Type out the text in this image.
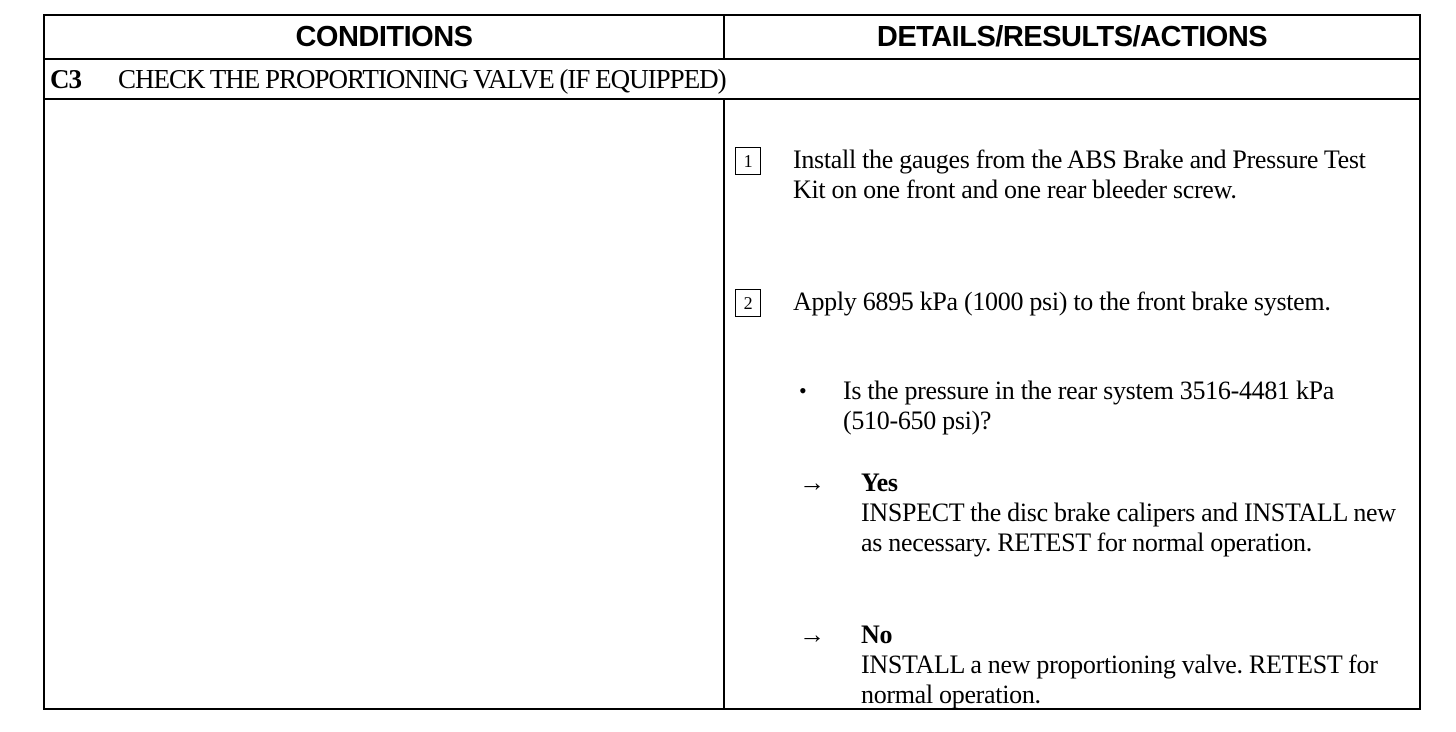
CONDITIONS	DETAILS/RESULTS/ACTIONS
C3	CHECK THE PROPORTIONING VALVE (IF EQUIPPED)
1	Install the gauges from the ABS Brake and Pressure Test Kit on one front and one rear bleeder screw.
2	Apply 6895 kPa (1000 psi) to the front brake system.
• Is the pressure in the rear system 3516-4481 kPa (510-650 psi)?
→ Yes
INSPECT the disc brake calipers and INSTALL new as necessary. RETEST for normal operation.
→ No
INSTALL a new proportioning valve. RETEST for normal operation.
